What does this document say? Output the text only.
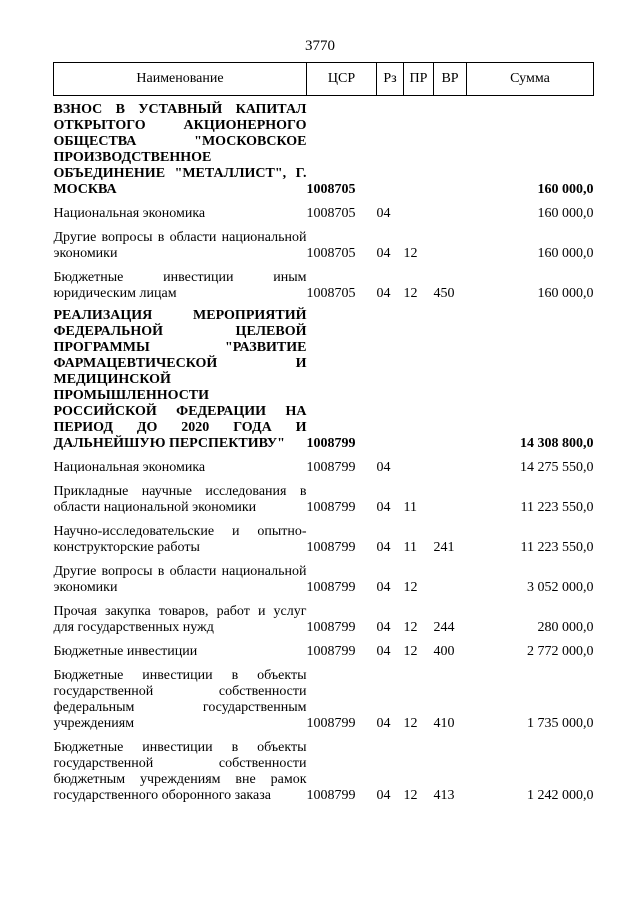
3770
Наименование	ЦСР	Рз	ПР	ВР	Сумма
ВЗНОС В УСТАВНЫЙ КАПИТАЛ ОТКРЫТОГО АКЦИОНЕРНОГО ОБЩЕСТВА "МОСКОВСКОЕ ПРОИЗВОДСТВЕННОЕ ОБЪЕДИНЕНИЕ "МЕТАЛЛИСТ", Г. МОСКВА	1008705				160 000,0
Национальная экономика	1008705	04			160 000,0
Другие вопросы в области национальной экономики	1008705	04	12		160 000,0
Бюджетные инвестиции иным юридическим лицам	1008705	04	12	450	160 000,0
РЕАЛИЗАЦИЯ МЕРОПРИЯТИЙ ФЕДЕРАЛЬНОЙ ЦЕЛЕВОЙ ПРОГРАММЫ "РАЗВИТИЕ ФАРМАЦЕВТИЧЕСКОЙ И МЕДИЦИНСКОЙ ПРОМЫШЛЕННОСТИ РОССИЙСКОЙ ФЕДЕРАЦИИ НА ПЕРИОД ДО 2020 ГОДА И ДАЛЬНЕЙШУЮ ПЕРСПЕКТИВУ"	1008799				14 308 800,0
Национальная экономика	1008799	04			14 275 550,0
Прикладные научные исследования в области национальной экономики	1008799	04	11		11 223 550,0
Научно-исследовательские и опытно-конструкторские работы	1008799	04	11	241	11 223 550,0
Другие вопросы в области национальной экономики	1008799	04	12		3 052 000,0
Прочая закупка товаров, работ и услуг для государственных нужд	1008799	04	12	244	280 000,0
Бюджетные инвестиции	1008799	04	12	400	2 772 000,0
Бюджетные инвестиции в объекты государственной собственности федеральным государственным учреждениям	1008799	04	12	410	1 735 000,0
Бюджетные инвестиции в объекты государственной собственности бюджетным учреждениям вне рамок государственного оборонного заказа	1008799	04	12	413	1 242 000,0
